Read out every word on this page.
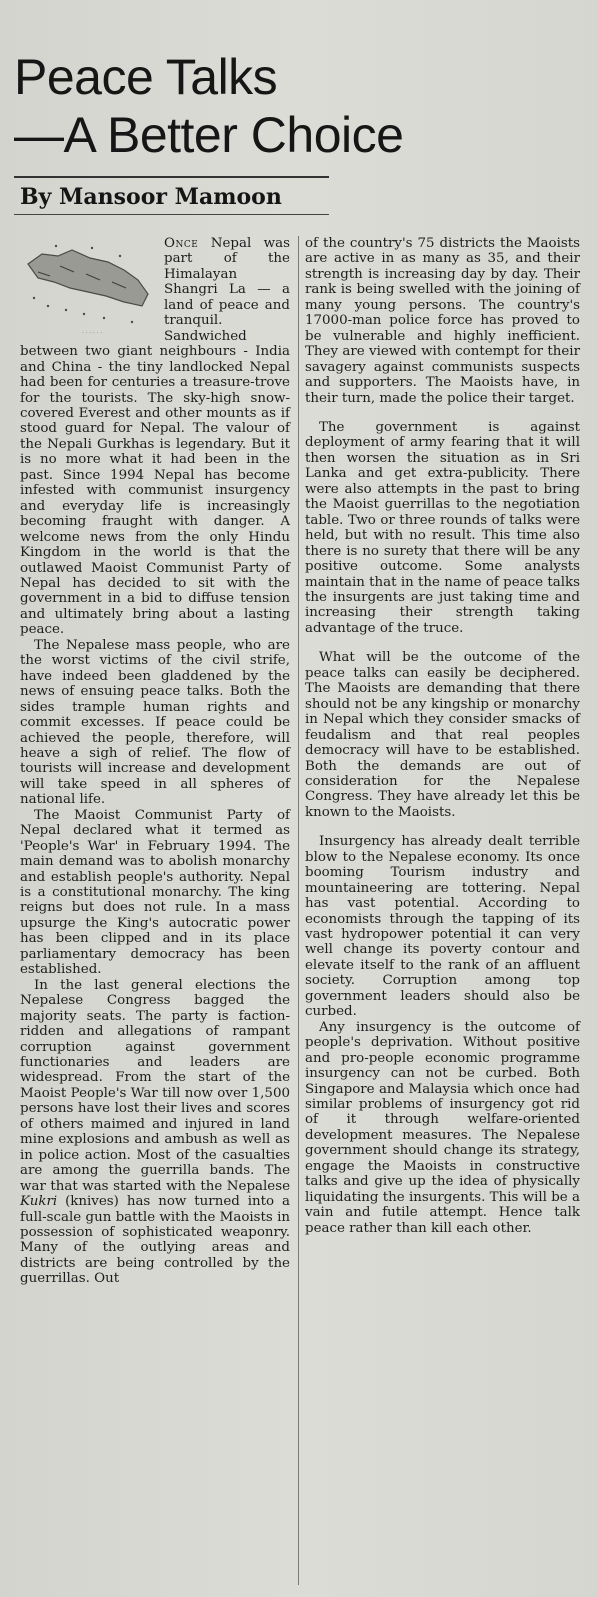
Peace Talks
—A Better Choice
By Mansoor Mamoon
· · · · · ·

Once Nepal was part of the Himalayan Shangri La — a land of peace and tranquil. Sandwiched between two giant neighbours - India and China - the tiny landlocked Nepal had been for centuries a treasure-trove for the tourists. The sky-high snow-covered Everest and other mounts as if stood guard for Nepal. The valour of the Nepali Gurkhas is legendary. But it is no more what it had been in the past. Since 1994 Nepal has become infested with communist insurgency and everyday life is increasingly becoming fraught with danger. A welcome news from the only Hindu Kingdom in the world is that the outlawed Maoist Communist Party of Nepal has decided to sit with the government in a bid to diffuse tension and ultimately bring about a lasting peace.

The Nepalese mass people, who are the worst victims of the civil strife, have indeed been gladdened by the news of ensuing peace talks. Both the sides trample human rights and commit excesses. If peace could be achieved the people, therefore, will heave a sigh of relief. The flow of tourists will increase and development will take speed in all spheres of national life.

The Maoist Communist Party of Nepal declared what it termed as 'People's War' in February 1994. The main demand was to abolish monarchy and establish people's authority. Nepal is a constitutional monarchy. The king reigns but does not rule. In a mass upsurge the King's autocratic power has been clipped and in its place parliamentary democracy has been established.

In the last general elections the Nepalese Congress bagged the majority seats. The party is faction-ridden and allegations of rampant corruption against government functionaries and leaders are widespread. From the start of the Maoist People's War till now over 1,500 persons have lost their lives and scores of others maimed and injured in land mine explosions and ambush as well as in police action. Most of the casualties are among the guerrilla bands. The war that was started with the Nepalese Kukri (knives) has now turned into a full-scale gun battle with the Maoists in possession of sophisticated weaponry. Many of the outlying areas and districts are being controlled by the guerrillas. Out

of the country's 75 districts the Maoists are active in as many as 35, and their strength is increasing day by day. Their rank is being swelled with the joining of many young persons. The country's 17000-man police force has proved to be vulnerable and highly inefficient. They are viewed with contempt for their savagery against communists suspects and supporters. The Maoists have, in their turn, made the police their target.

The government is against deployment of army fearing that it will then worsen the situation as in Sri Lanka and get extra-publicity. There were also attempts in the past to bring the Maoist guerrillas to the negotiation table. Two or three rounds of talks were held, but with no result. This time also there is no surety that there will be any positive outcome. Some analysts maintain that in the name of peace talks the insurgents are just taking time and increasing their strength taking advantage of the truce.

What will be the outcome of the peace talks can easily be deciphered. The Maoists are demanding that there should not be any kingship or monarchy in Nepal which they consider smacks of feudalism and that real peoples democracy will have to be established. Both the demands are out of consideration for the Nepalese Congress. They have already let this be known to the Maoists.

Insurgency has already dealt terrible blow to the Nepalese economy. Its once booming Tourism industry and mountaineering are tottering. Nepal has vast potential. According to economists through the tapping of its vast hydropower potential it can very well change its poverty contour and elevate itself to the rank of an affluent society. Corruption among top government leaders should also be curbed.

Any insurgency is the outcome of people's deprivation. Without positive and pro-people economic programme insurgency can not be curbed. Both Singapore and Malaysia which once had similar problems of insurgency got rid of it through welfare-oriented development measures. The Nepalese government should change its strategy, engage the Maoists in constructive talks and give up the idea of physically liquidating the insurgents. This will be a vain and futile attempt. Hence talk peace rather than kill each other.
